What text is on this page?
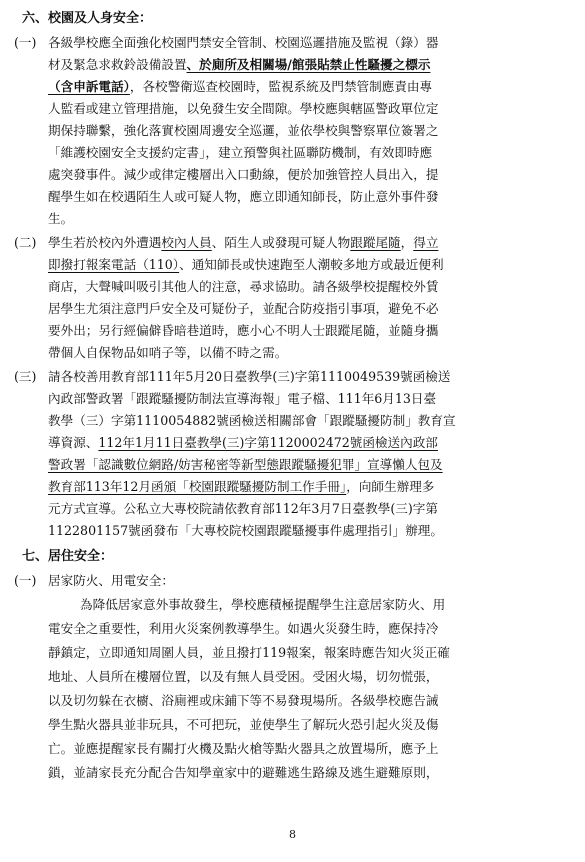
六、校園及人身安全：
(一) 各級學校應全面強化校園門禁安全管制、校園巡邏措施及監視（錄）器
材及緊急求救鈴設備設置、於廁所及相關場/館張貼禁止性騷擾之標示
（含申訴電話），各校警衛巡查校園時，監視系統及門禁管制應責由專
人監看或建立管理措施，以免發生安全間隙。學校應與轄區警政單位定
期保持聯繫，強化落實校園周邊安全巡邏，並依學校與警察單位簽署之
「維護校園安全支援約定書」，建立預警與社區聯防機制，有效即時應
處突發事件。減少或律定樓層出入口動線，便於加強管控人員出入，提
醒學生如在校遇陌生人或可疑人物，應立即通知師長，防止意外事件發
生。
(二) 學生若於校內外遭遇校內人員、陌生人或發現可疑人物跟蹤尾隨，得立
即撥打報案電話（110）、通知師長或快速跑至人潮較多地方或最近便利
商店，大聲喊叫吸引其他人的注意，尋求協助。請各級學校提醒校外賃
居學生尤須注意門戶安全及可疑份子，並配合防疫指引事項，避免不必
要外出；另行經偏僻昏暗巷道時，應小心不明人士跟蹤尾隨，並隨身攜
帶個人自保物品如哨子等，以備不時之需。
(三) 請各校善用教育部111年5月20日臺教學(三)字第1110049539號函檢送
內政部警政署「跟蹤騷擾防制法宣導海報」電子檔、111年6月13日臺
教學（三）字第1110054882號函檢送相關部會「跟蹤騷擾防制」教育宣
導資源、112年1月11日臺教學(三)字第1120002472號函檢送內政部
警政署「認識數位網路/妨害秘密等新型態跟蹤騷擾犯罪」宣導懶人包及
教育部113年12月函頒「校園跟蹤騷擾防制工作手冊」，向師生辦理多
元方式宣導。公私立大專校院請依教育部112年3月7日臺教學(三)字第
1122801157號函發布「大專校院校園跟蹤騷擾事件處理指引」辦理。
七、居住安全：
(一) 居家防火、用電安全：
為降低居家意外事故發生，學校應積極提醒學生注意居家防火、用
電安全之重要性，利用火災案例教導學生。如遇火災發生時，應保持冷
靜鎮定，立即通知周圍人員，並且撥打119報案，報案時應告知火災正確
地址、人員所在樓層位置，以及有無人員受困。受困火場，切勿慌張，
以及切勿躲在衣櫥、浴廁裡或床鋪下等不易發現場所。各級學校應告誡
學生點火器具並非玩具，不可把玩，並使學生了解玩火恐引起火災及傷
亡。並應提醒家長有關打火機及點火槍等點火器具之放置場所，應予上
鎖，並請家長充分配合告知學童家中的避難逃生路線及逃生避難原則，
8
